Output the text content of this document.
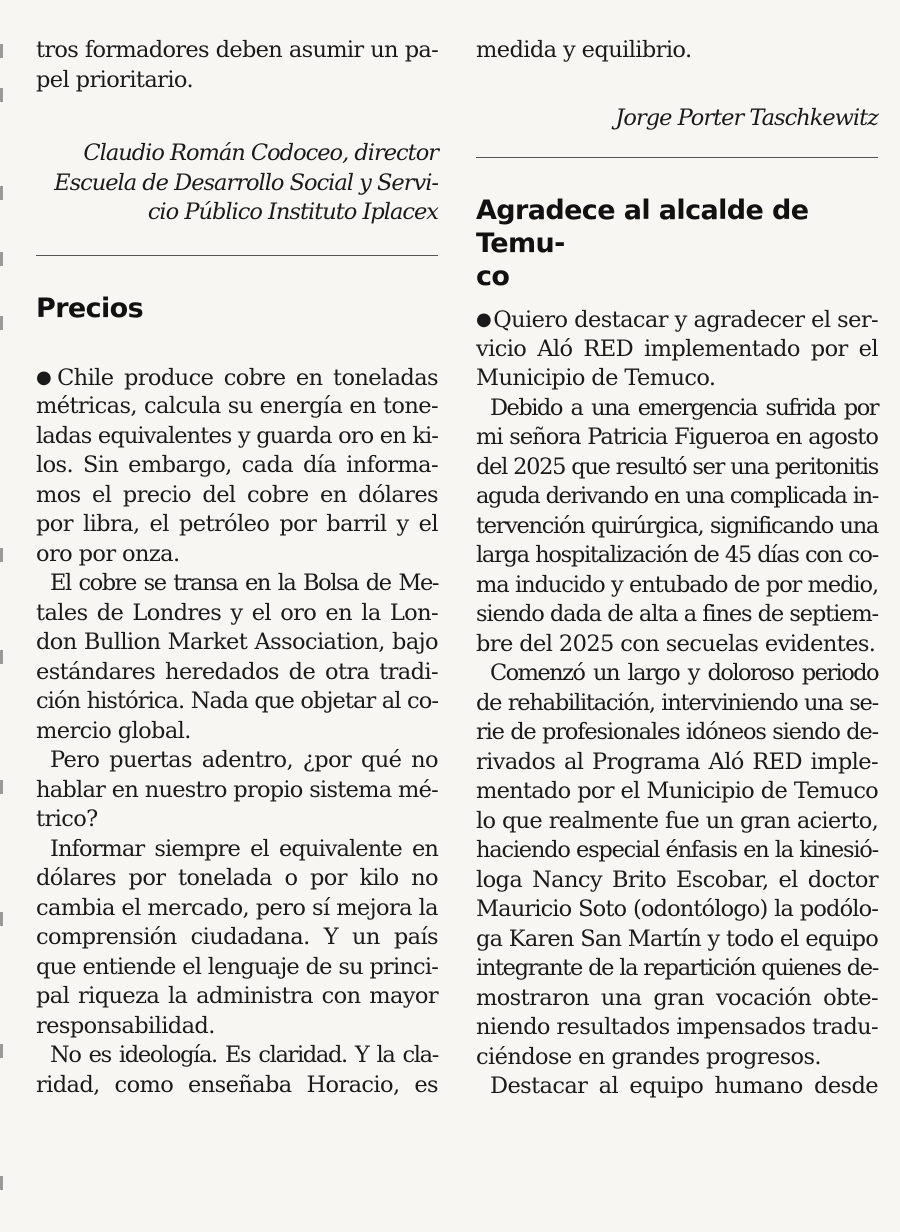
tros formadores deben asumir un pa-
pel prioritario.
Claudio Román Codoceo, director
Escuela de Desarrollo Social y Servi-
cio Público Instituto Iplacex
Precios
●Chile produce cobre en toneladas
métricas, calcula su energía en tone-
ladas equivalentes y guarda oro en ki-
los. Sin embargo, cada día informa-
mos el precio del cobre en dólares
por libra, el petróleo por barril y el
oro por onza.
El cobre se transa en la Bolsa de Me-
tales de Londres y el oro en la Lon-
don Bullion Market Association, bajo
estándares heredados de otra tradi-
ción histórica. Nada que objetar al co-
mercio global.
Pero puertas adentro, ¿por qué no
hablar en nuestro propio sistema mé-
trico?
Informar siempre el equivalente en
dólares por tonelada o por kilo no
cambia el mercado, pero sí mejora la
comprensión ciudadana. Y un país
que entiende el lenguaje de su princi-
pal riqueza la administra con mayor
responsabilidad.
No es ideología. Es claridad. Y la cla-
ridad, como enseñaba Horacio, es
medida y equilibrio.
Jorge Porter Taschkewitz
Agradece al alcalde de Temu-
co
●Quiero destacar y agradecer el ser-
vicio Aló RED implementado por el
Municipio de Temuco.
Debido a una emergencia sufrida por
mi señora Patricia Figueroa en agosto
del 2025 que resultó ser una peritonitis
aguda derivando en una complicada in-
tervención quirúrgica, significando una
larga hospitalización de 45 días con co-
ma inducido y entubado de por medio,
siendo dada de alta a fines de septiem-
bre del 2025 con secuelas evidentes.
Comenzó un largo y doloroso periodo
de rehabilitación, interviniendo una se-
rie de profesionales idóneos siendo de-
rivados al Programa Aló RED imple-
mentado por el Municipio de Temuco
lo que realmente fue un gran acierto,
haciendo especial énfasis en la kinesió-
loga Nancy Brito Escobar, el doctor
Mauricio Soto (odontólogo) la podólo-
ga Karen San Martín y todo el equipo
integrante de la repartición quienes de-
mostraron una gran vocación obte-
niendo resultados impensados tradu-
ciéndose en grandes progresos.
Destacar al equipo humano desde
